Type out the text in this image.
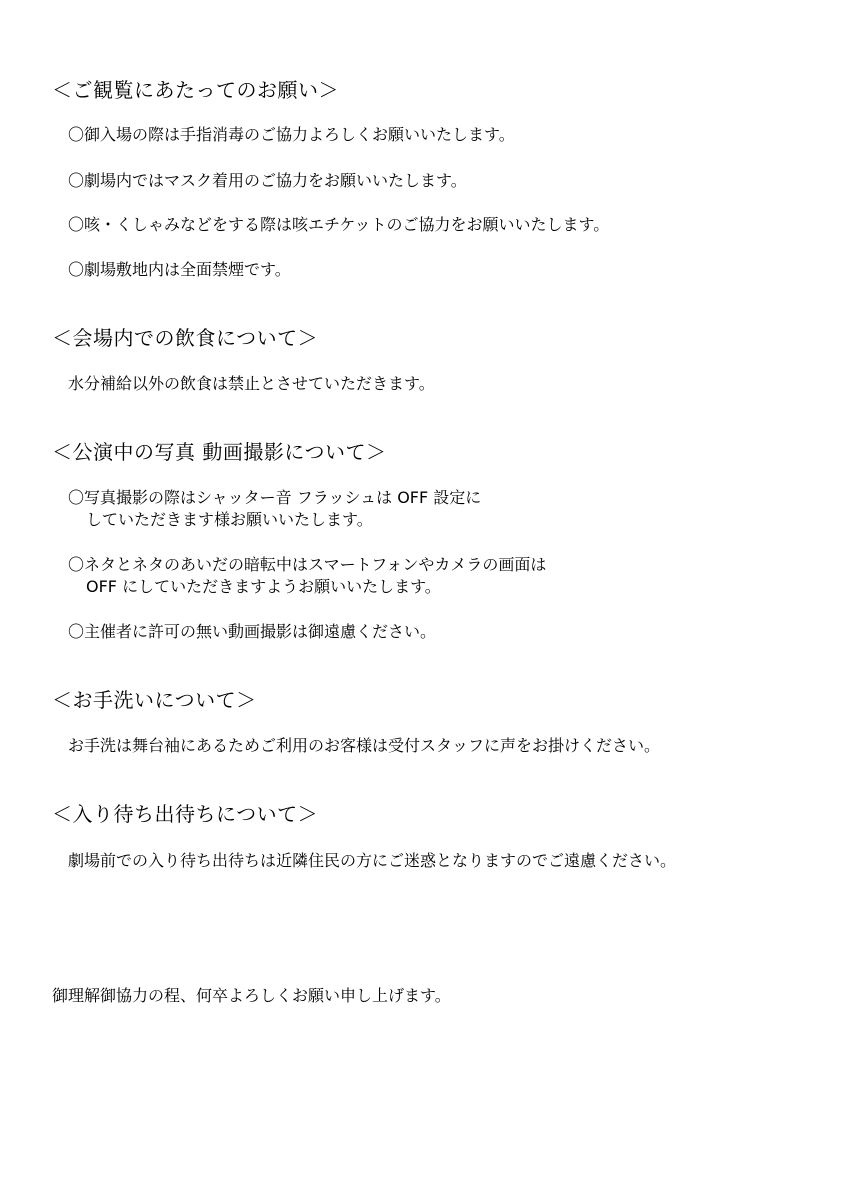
＜ご観覧にあたってのお願い＞
〇御入場の際は手指消毒のご協力よろしくお願いいたします。
〇劇場内ではマスク着用のご協力をお願いいたします。
〇咳・くしゃみなどをする際は咳エチケットのご協力をお願いいたします。
〇劇場敷地内は全面禁煙です。
＜会場内での飲食について＞
水分補給以外の飲食は禁止とさせていただきます。
＜公演中の写真 動画撮影について＞
〇写真撮影の際はシャッター音 フラッシュは OFF 設定に
していただきます様お願いいたします。
〇ネタとネタのあいだの暗転中はスマートフォンやカメラの画面は
OFF にしていただきますようお願いいたします。
〇主催者に許可の無い動画撮影は御遠慮ください。
＜お手洗いについて＞
お手洗は舞台袖にあるためご利用のお客様は受付スタッフに声をお掛けください。
＜入り待ち出待ちについて＞
劇場前での入り待ち出待ちは近隣住民の方にご迷惑となりますのでご遠慮ください。
御理解御協力の程、何卒よろしくお願い申し上げます。
